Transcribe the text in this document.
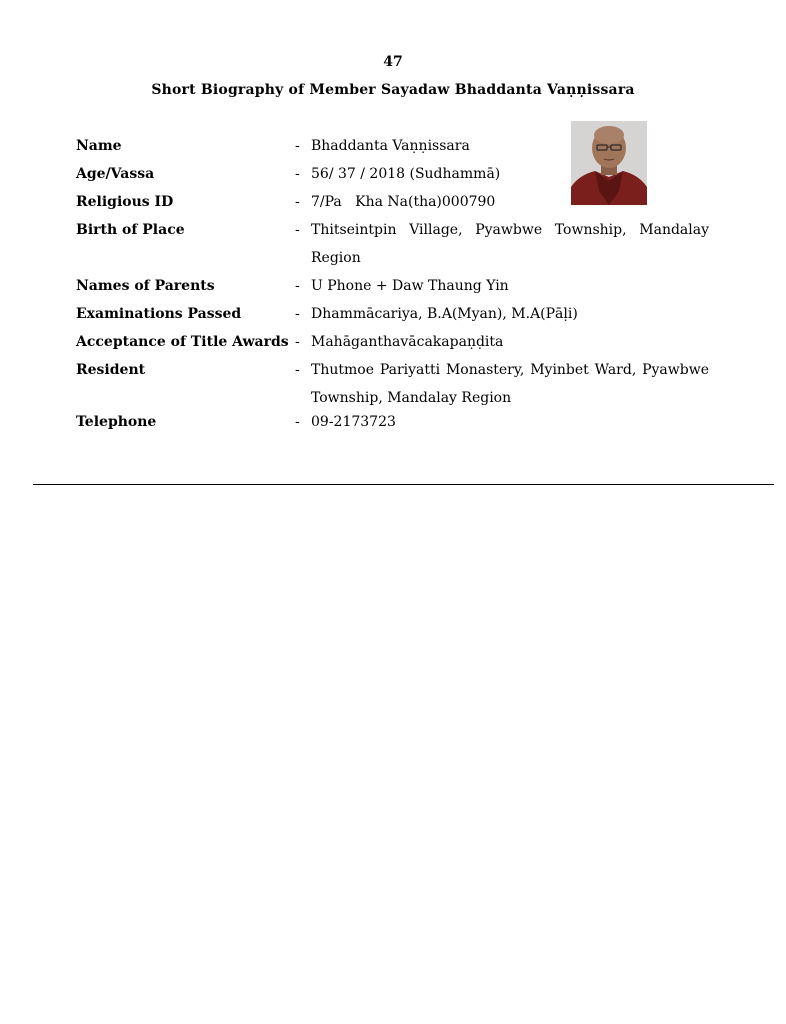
47
Short Biography of Member Sayadaw Bhaddanta Vaṇṇissara
Name	- Bhaddanta Vaṇṇissara
Age/Vassa	- 56/ 37 / 2018 (Sudhammā)
Religious ID	- 7/Pa   Kha Na(tha)000790
Birth of Place	- Thitseintpin Village, Pyawbwe Township, Mandalay Region
Names of Parents	- U Phone + Daw Thaung Yin
Examinations Passed	- Dhammācariya, B.A(Myan), M.A(Pāḷi)
Acceptance of Title Awards - Mahāganthavācakapaṇḍita
Resident	- Thutmoe Pariyatti Monastery, Myinbet Ward, Pyawbwe Township, Mandalay Region
Telephone	- 09-2173723
